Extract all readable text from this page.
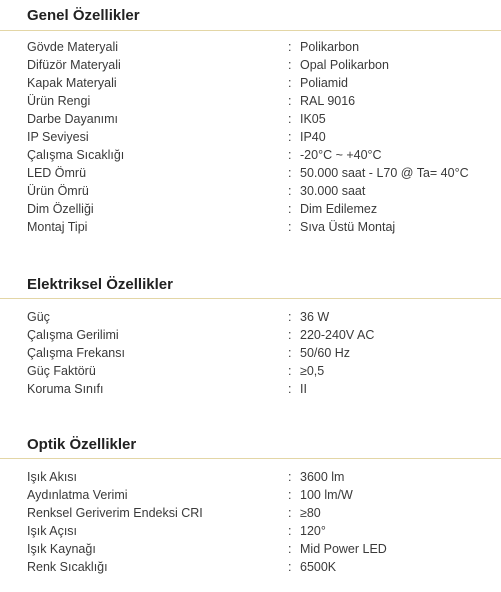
Genel Özellikler
Gövde Materyali	: Polikarbon
Difüzör Materyali	: Opal Polikarbon
Kapak Materyali	: Poliamid
Ürün Rengi	: RAL 9016
Darbe Dayanımı	: IK05
IP Seviyesi	: IP40
Çalışma Sıcaklığı	: -20°C ~ +40°C
LED Ömrü	: 50.000 saat - L70 @ Ta= 40°C
Ürün Ömrü	: 30.000 saat
Dim Özelliği	: Dim Edilemez
Montaj Tipi	: Sıva Üstü Montaj
Elektriksel Özellikler
Güç	: 36 W
Çalışma Gerilimi	: 220-240V AC
Çalışma Frekansı	: 50/60 Hz
Güç Faktörü	: ≥0,5
Koruma Sınıfı	: II
Optik Özellikler
Işık Akısı	: 3600 lm
Aydınlatma Verimi	: 100 lm/W
Renksel Geriverim Endeksi CRI	: ≥80
Işık Açısı	: 120°
Işık Kaynağı	: Mid Power LED
Renk Sıcaklığı	: 6500K
